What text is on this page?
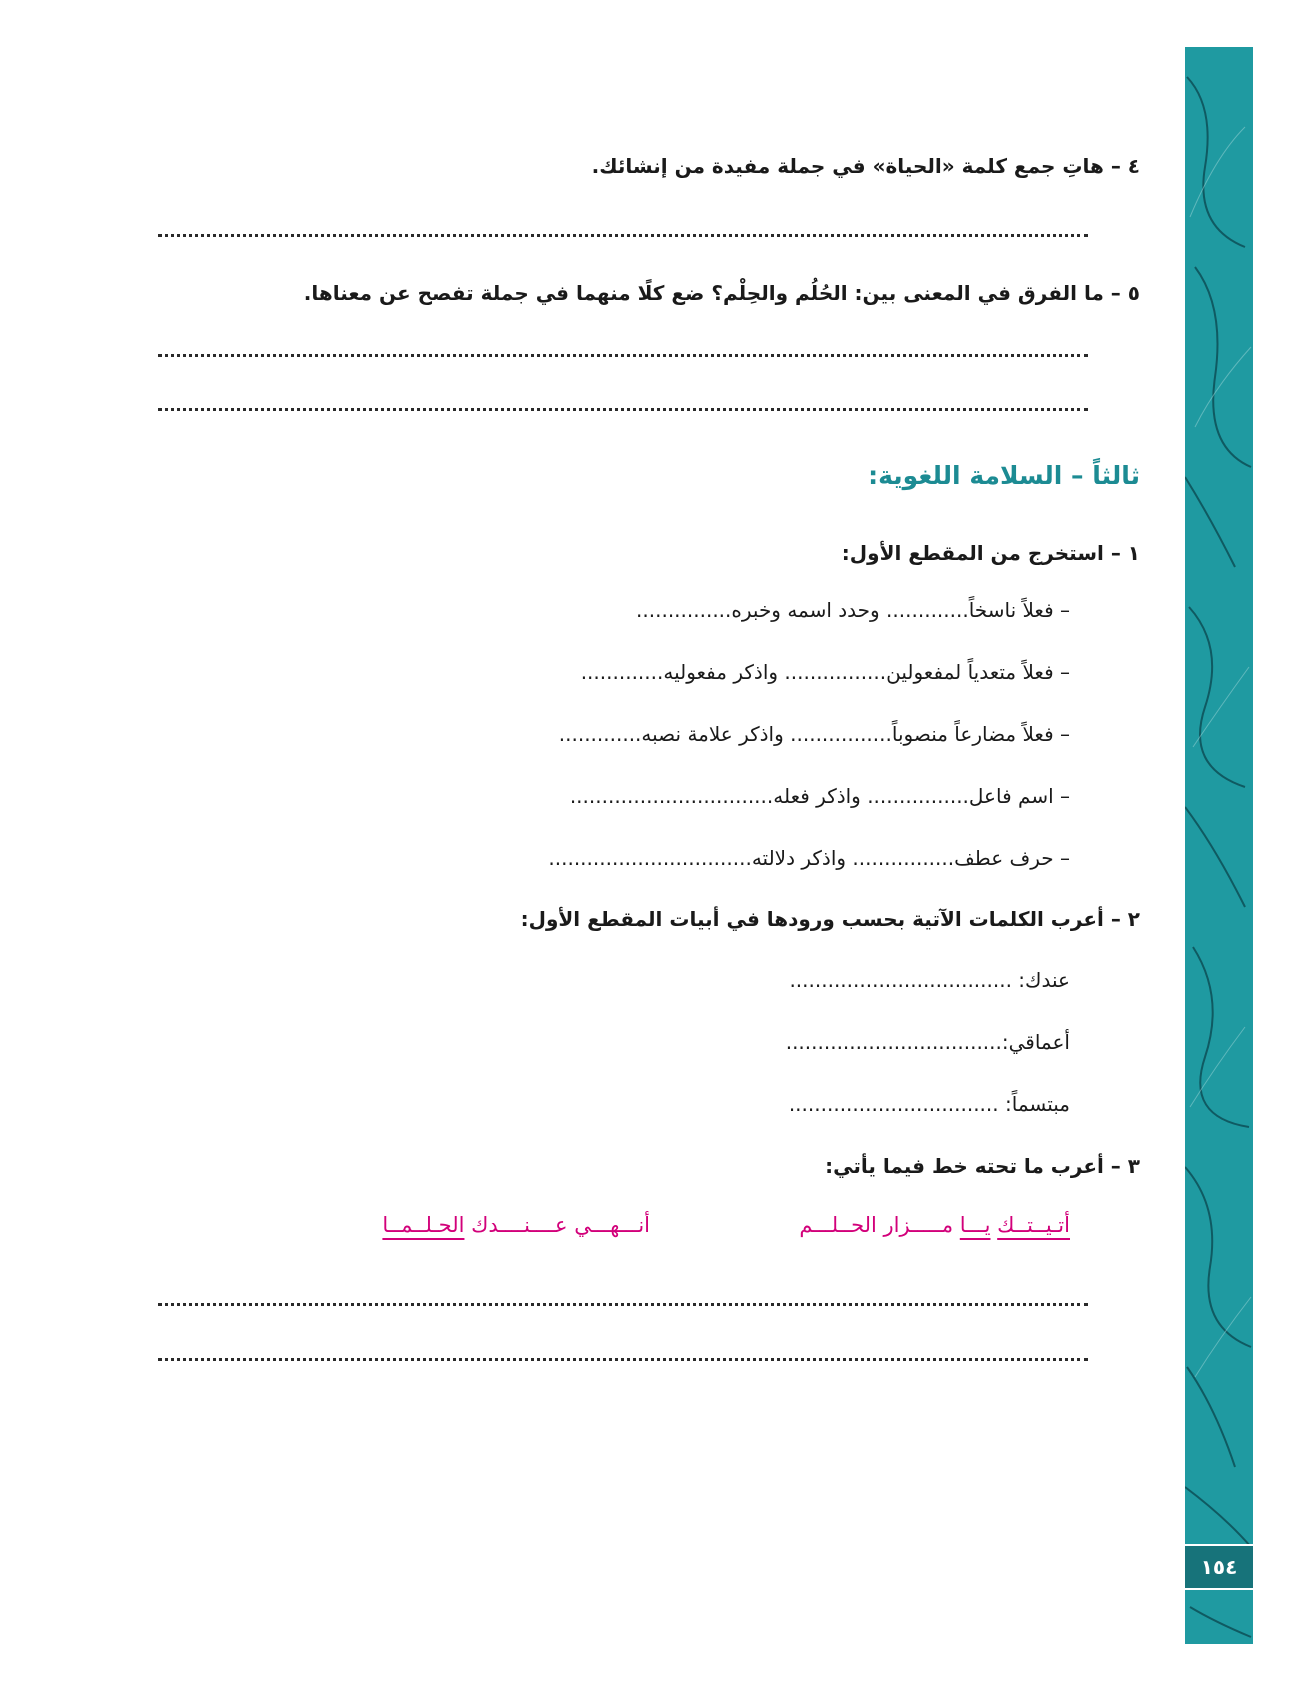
١٥٤
٤ – هاتِ جمع كلمة «الحياة» في جملة مفيدة من إنشائك.
٥ – ما الفرق في المعنى بين: الحُلُم والحِلْم؟ ضع كلًا منهما في جملة تفصح عن معناها.
ثالثاً – السلامة اللغوية:
١ – استخرج من المقطع الأول:
– فعلاً ناسخاً............. وحدد اسمه وخبره...............
– فعلاً متعدياً لمفعولين................ واذكر مفعوليه.............
– فعلاً مضارعاً منصوباً................ واذكر علامة نصبه.............
– اسم فاعل................ واذكر فعله................................
– حرف عطف................ واذكر دلالته................................
٢ – أعرب الكلمات الآتية بحسب ورودها في أبيات المقطع الأول:
عندك: ...................................
أعماقي:..................................
مبتسماً: .................................
٣ – أعرب ما تحته خط فيما يأتي:
أتـيــتــك يـــا مـــــزار الحــلـــم
أنـــهـــي عــــنــــدك الحـلــمــا
